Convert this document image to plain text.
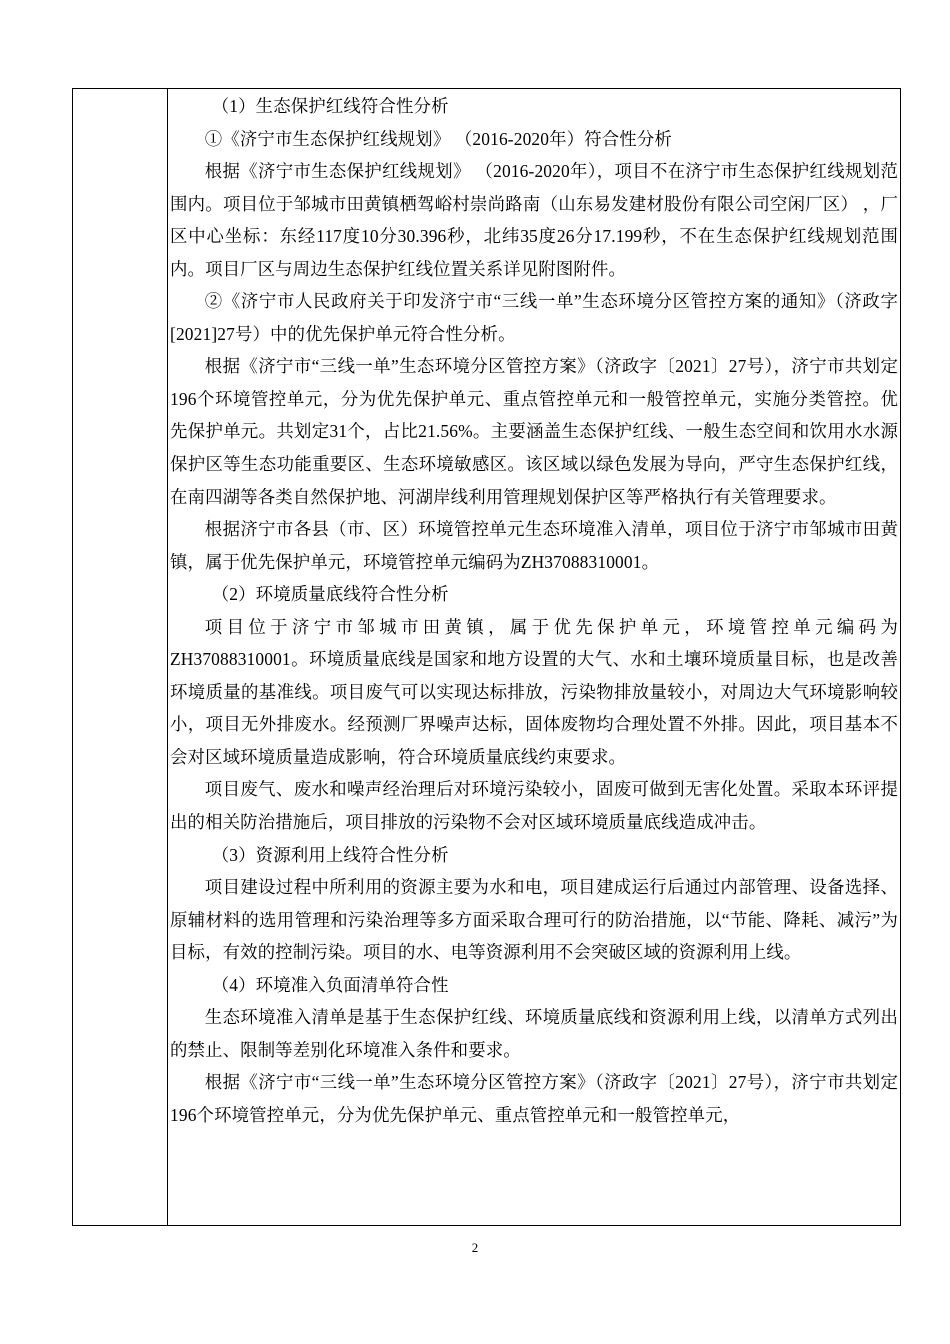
（1）生态保护红线符合性分析

①《济宁市生态保护红线规划》 （2016-2020年）符合性分析

根据《济宁市生态保护红线规划》 （2016-2020年），项目不在济宁市生态保护红线规划范围内。项目位于邹城市田黄镇栖驾峪村崇尚路南（山东易发建材股份有限公司空闲厂区） ，厂区中心坐标：东经117度10分30.396秒，北纬35度26分17.199秒，不在生态保护红线规划范围内。项目厂区与周边生态保护红线位置关系详见附图附件。

②《济宁市人民政府关于印发济宁市“三线一单”生态环境分区管控方案的通知》（济政字[2021]27号）中的优先保护单元符合性分析。

根据《济宁市“三线一单”生态环境分区管控方案》（济政字〔2021〕27号），济宁市共划定196个环境管控单元，分为优先保护单元、重点管控单元和一般管控单元，实施分类管控。优先保护单元。共划定31个，占比21.56%。主要涵盖生态保护红线、一般生态空间和饮用水水源保护区等生态功能重要区、生态环境敏感区。该区域以绿色发展为导向，严守生态保护红线，在南四湖等各类自然保护地、河湖岸线利用管理规划保护区等严格执行有关管理要求。

根据济宁市各县（市、区）环境管控单元生态环境准入清单，项目位于济宁市邹城市田黄镇，属于优先保护单元，环境管控单元编码为ZH37088310001。

（2）环境质量底线符合性分析

项目位于济宁市邹城市田黄镇，属于优先保护单元，环境管控单元编码为ZH37088310001。环境质量底线是国家和地方设置的大气、水和土壤环境质量目标，也是改善环境质量的基准线。项目废气可以实现达标排放，污染物排放量较小，对周边大气环境影响较小，项目无外排废水。经预测厂界噪声达标，固体废物均合理处置不外排。因此，项目基本不会对区域环境质量造成影响，符合环境质量底线约束要求。

项目废气、废水和噪声经治理后对环境污染较小，固废可做到无害化处置。采取本环评提出的相关防治措施后，项目排放的污染物不会对区域环境质量底线造成冲击。

（3）资源利用上线符合性分析

项目建设过程中所利用的资源主要为水和电，项目建成运行后通过内部管理、设备选择、原辅材料的选用管理和污染治理等多方面采取合理可行的防治措施，以“节能、降耗、减污”为目标，有效的控制污染。项目的水、电等资源利用不会突破区域的资源利用上线。

（4）环境准入负面清单符合性

生态环境准入清单是基于生态保护红线、环境质量底线和资源利用上线，以清单方式列出的禁止、限制等差别化环境准入条件和要求。

根据《济宁市“三线一单”生态环境分区管控方案》（济政字〔2021〕27号），济宁市共划定196个环境管控单元，分为优先保护单元、重点管控单元和一般管控单元，

2
